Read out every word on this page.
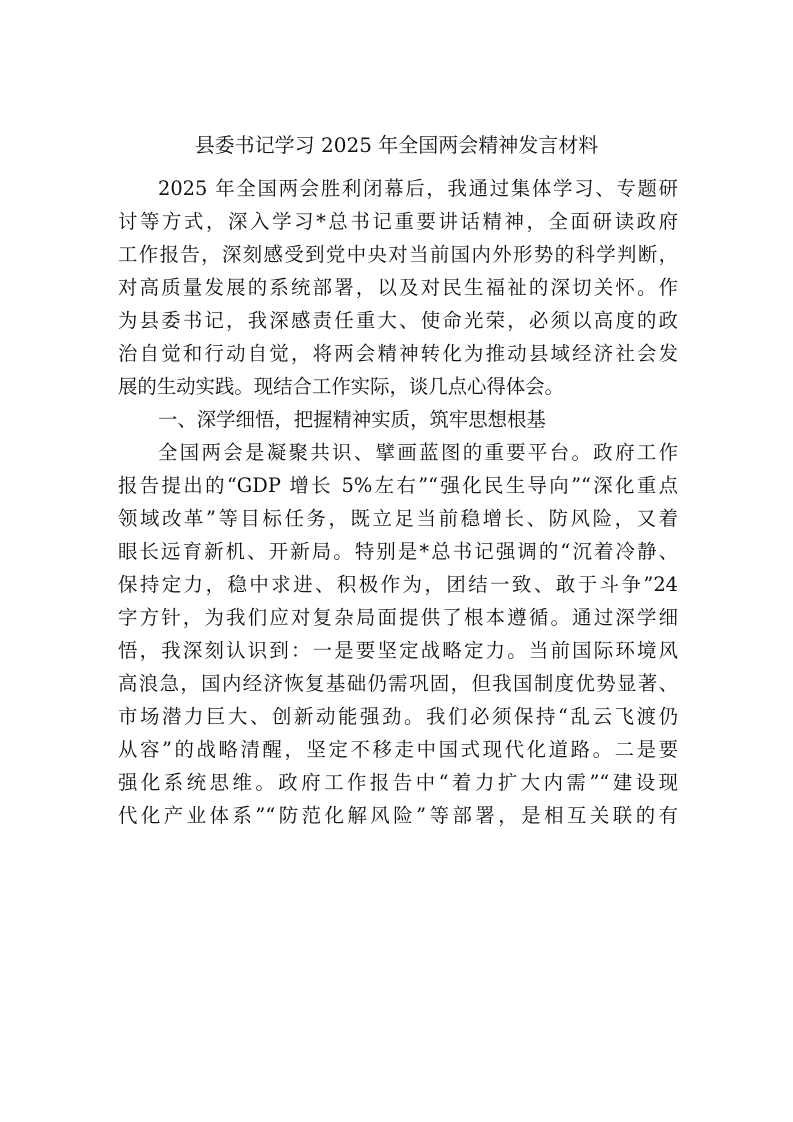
县委书记学习 2025 年全国两会精神发言材料
2025 年全国两会胜利闭幕后，我通过集体学习、专题研
讨等方式，深入学习*总书记重要讲话精神，全面研读政府
工作报告，深刻感受到党中央对当前国内外形势的科学判断，
对高质量发展的系统部署，以及对民生福祉的深切关怀。作
为县委书记，我深感责任重大、使命光荣，必须以高度的政
治自觉和行动自觉，将两会精神转化为推动县域经济社会发
展的生动实践。现结合工作实际，谈几点心得体会。
一、深学细悟，把握精神实质，筑牢思想根基
全国两会是凝聚共识、擘画蓝图的重要平台。政府工作
报告提出的“GDP 增长 5%左右”“强化民生导向”“深化重点
领域改革”等目标任务，既立足当前稳增长、防风险，又着
眼长远育新机、开新局。特别是*总书记强调的“沉着冷静、
保持定力，稳中求进、积极作为，团结一致、敢于斗争”24
字方针，为我们应对复杂局面提供了根本遵循。通过深学细
悟，我深刻认识到：一是要坚定战略定力。当前国际环境风
高浪急，国内经济恢复基础仍需巩固，但我国制度优势显著、
市场潜力巨大、创新动能强劲。我们必须保持“乱云飞渡仍
从容”的战略清醒，坚定不移走中国式现代化道路。二是要
强化系统思维。政府工作报告中“着力扩大内需”“建设现
代化产业体系”“防范化解风险”等部署，是相互关联的有
